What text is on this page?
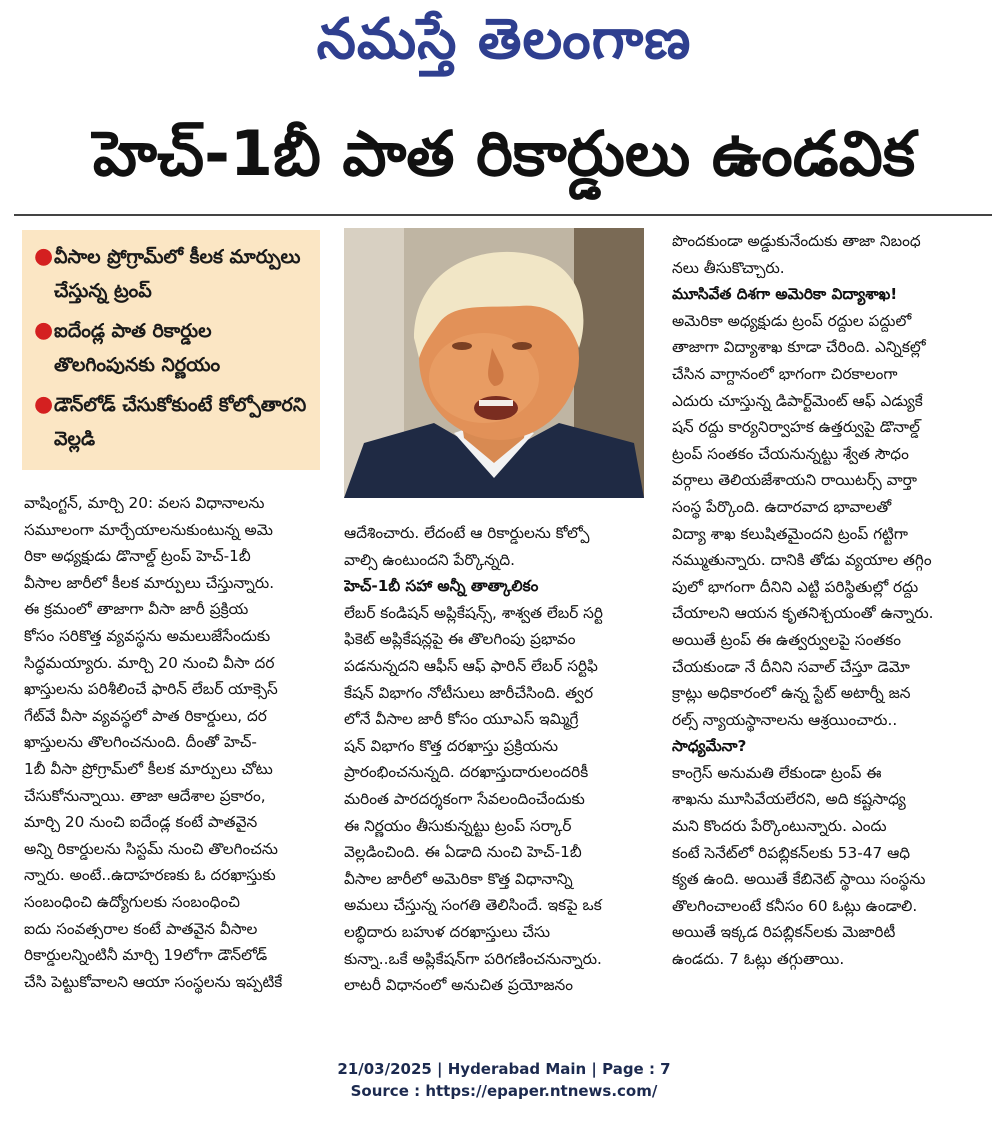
నమస్తే తెలంగాణ
హెచ్-1బీ పాత రికార్డులు ఉండవిక
● వీసాల ప్రోగ్రామ్‌లో కీలక మార్పులు చేస్తున్న ట్రంప్
● ఐదేండ్ల పాత రికార్డుల తొలగింపునకు నిర్ణయం
● డౌన్‌లోడ్ చేసుకోకుంటే కోల్పోతారని వెల్లడి
వాషింగ్టన్, మార్చి 20: వలస విధానాలను
సమూలంగా మార్చేయాలనుకుంటున్న అమె
రికా అధ్యక్షుడు డొనాల్డ్ ట్రంప్ హెచ్-1బీ
వీసాల జారీలో కీలక మార్పులు చేస్తున్నారు.
ఈ క్రమంలో తాజాగా వీసా జారీ ప్రక్రియ
కోసం సరికొత్త వ్యవస్థను అమలుజేసేందుకు
సిద్ధమయ్యారు. మార్చి 20 నుంచి వీసా దర
ఖాస్తులను పరిశీలించే ఫారిన్ లేబర్ యాక్సెస్
గేట్‌వే వీసా వ్యవస్థలో పాత రికార్డులు, దర
ఖాస్తులను తొలగించనుంది. దీంతో హెచ్-
1బీ వీసా ప్రోగ్రామ్‌లో కీలక మార్పులు చోటు
చేసుకోనున్నాయి. తాజా ఆదేశాల ప్రకారం,
మార్చి 20 నుంచి ఐదేండ్ల కంటే పాతవైన
అన్ని రికార్డులను సిస్టమ్ నుంచి తొలగించను
న్నారు. అంటే..ఉదాహరణకు ఓ దరఖాస్తుకు
సంబంధించి ఉద్యోగులకు సంబంధించి
ఐదు సంవత్సరాల కంటే పాతవైన వీసాల
రికార్డులన్నింటినీ మార్చి 19లోగా డౌన్‌లోడ్
చేసి పెట్టుకోవాలని ఆయా సంస్థలను ఇప్పటికే
ఆదేశించారు. లేదంటే ఆ రికార్డులను కోల్పో
వాల్సి ఉంటుందని పేర్కొన్నది.
హెచ్-1బీ సహా అన్నీ తాత్కాలికం
లేబర్ కండిషన్ అప్లికేషన్స్, శాశ్వత లేబర్ సర్టి
ఫికెట్ అప్లికేషన్లపై ఈ తొలగింపు ప్రభావం
పడనున్నదని ఆఫీస్ ఆఫ్ ఫారిన్ లేబర్ సర్టిఫి
కేషన్ విభాగం నోటీసులు జారీచేసింది. త్వర
లోనే వీసాల జారీ కోసం యూఎస్ ఇమ్మిగ్రే
షన్ విభాగం కొత్త దరఖాస్తు ప్రక్రియను
ప్రారంభించనున్నది. దరఖాస్తుదారులందరికీ
మరింత పారదర్శకంగా సేవలందించేందుకు
ఈ నిర్ణయం తీసుకున్నట్టు ట్రంప్ సర్కార్
వెల్లడించింది. ఈ ఏడాది నుంచి హెచ్-1బీ
వీసాల జారీలో అమెరికా కొత్త విధానాన్ని
అమలు చేస్తున్న సంగతి తెలిసిందే. ఇకపై ఒక
లబ్ధిదారు బహుళ దరఖాస్తులు చేసు
కున్నా..ఒకే అప్లికేషన్‌గా పరిగణించనున్నారు.
లాటరీ విధానంలో అనుచిత ప్రయోజనం
పొందకుండా అడ్డుకునేందుకు తాజా నిబంధ
నలు తీసుకొచ్చారు.
మూసివేత దిశగా అమెరికా విద్యాశాఖ!
అమెరికా అధ్యక్షుడు ట్రంప్ రద్దుల పద్దులో
తాజాగా విద్యాశాఖ కూడా చేరింది. ఎన్నికల్లో
చేసిన వాగ్దానంలో భాగంగా చిరకాలంగా
ఎదురు చూస్తున్న డిపార్ట్‌మెంట్ ఆఫ్ ఎడ్యుకే
షన్ రద్దు కార్యనిర్వాహక ఉత్తర్వుపై డొనాల్డ్
ట్రంప్ సంతకం చేయనున్నట్టు శ్వేత సౌధం
వర్గాలు తెలియజేశాయని రాయిటర్స్ వార్తా
సంస్థ పేర్కొంది. ఉదారవాద భావాలతో
విద్యా శాఖ కలుషితమైందని ట్రంప్ గట్టిగా
నమ్ముతున్నారు. దానికి తోడు వ్యయాల తగ్గిం
పులో భాగంగా దీనిని ఎట్టి పరిస్థితుల్లో రద్దు
చేయాలని ఆయన కృతనిశ్చయంతో ఉన్నారు.
అయితే ట్రంప్ ఈ ఉత్వర్వులపై సంతకం
చేయకుండా నే దీనిని సవాల్ చేస్తూ డెమో
క్రాట్లు అధికారంలో ఉన్న స్టేట్ అటార్నీ జన
రల్స్ న్యాయస్థానాలను ఆశ్రయించారు..
సాధ్యమేనా?
కాంగ్రెస్ అనుమతి లేకుండా ట్రంప్ ఈ
శాఖను మూసివేయలేరని, అది కష్టసాధ్య
మని కొందరు పేర్కొంటున్నారు. ఎందు
కంటే సెనేట్‌లో రిపబ్లికన్‌లకు 53-47 ఆధి
క్యత ఉంది. అయితే కేబినెట్ స్థాయి సంస్థను
తొలగించాలంటే కనీసం 60 ఓట్లు ఉండాలి.
అయితే ఇక్కడ రిపబ్లికన్‌లకు మెజారిటీ
ఉండదు. 7 ఓట్లు తగ్గుతాయి.
21/03/2025 | Hyderabad Main | Page : 7
Source : https://epaper.ntnews.com/
